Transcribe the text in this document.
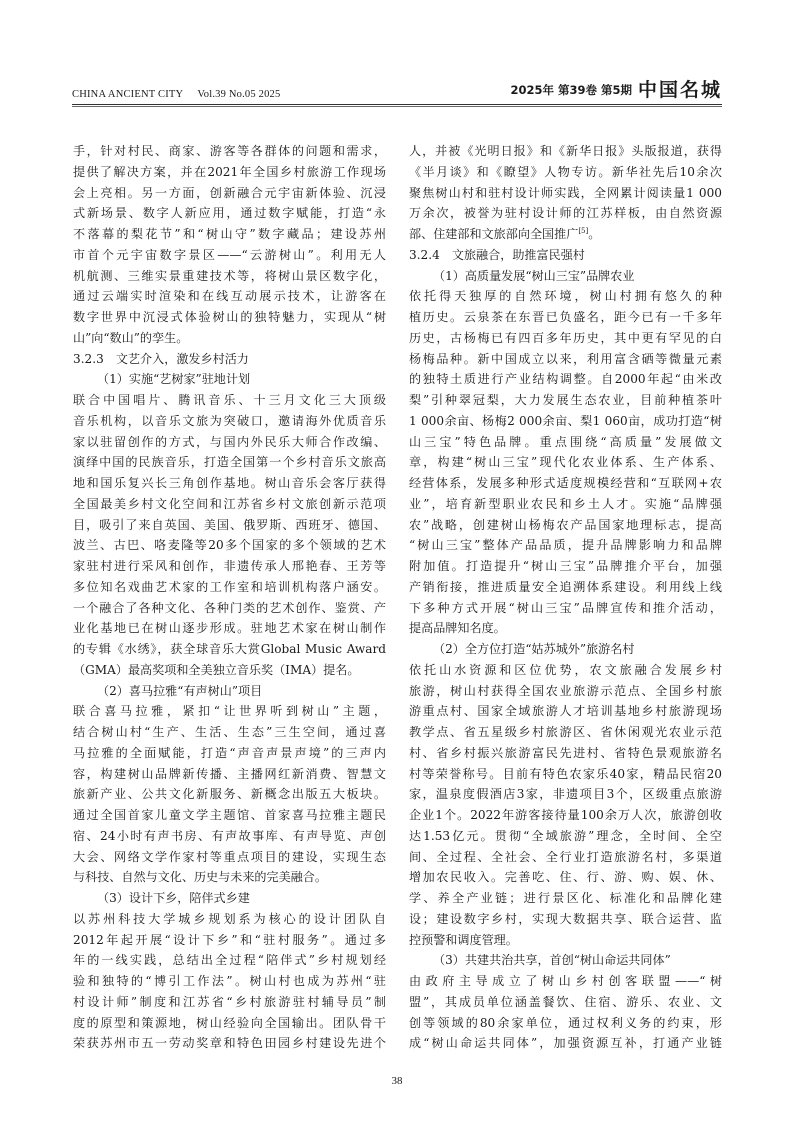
CHINA ANCIENT CITY Vol.39 No.05 2025	2025年 第39卷 第5期 中国名城
手，针对村民、商家、游客等各群体的问题和需求，
提供了解决方案，并在2021年全国乡村旅游工作现场
会上亮相。另一方面，创新融合元宇宙新体验、沉浸
式新场景、数字人新应用，通过数字赋能，打造“永
不落幕的梨花节”和“树山守”数字藏品；建设苏州
市首个元宇宙数字景区——“云游树山”。利用无人
机航测、三维实景重建技术等，将树山景区数字化，
通过云端实时渲染和在线互动展示技术，让游客在
数字世界中沉浸式体验树山的独特魅力，实现从“树
山”向“数山”的孪生。
3.2.3　文艺介入，激发乡村活力
（1）实施“艺树家”驻地计划
联合中国唱片、腾讯音乐、十三月文化三大顶级
音乐机构，以音乐文旅为突破口，邀请海外优质音乐
家以驻留创作的方式，与国内外民乐大师合作改编、
演绎中国的民族音乐，打造全国第一个乡村音乐文旅高
地和国乐复兴长三角创作基地。树山音乐会客厅获得
全国最美乡村文化空间和江苏省乡村文旅创新示范项
目，吸引了来自英国、美国、俄罗斯、西班牙、德国、
波兰、古巴、咯麦隆等20多个国家的多个领域的艺术
家驻村进行采风和创作，非遗传承人邢艳春、王芳等
多位知名戏曲艺术家的工作室和培训机构落户涵安。
一个融合了各种文化、各种门类的艺术创作、鉴赏、产
业化基地已在树山逐步形成。驻地艺术家在树山制作
的专辑《水绣》，获全球音乐大赏Global Music Award
（GMA）最高奖项和全美独立音乐奖（IMA）提名。
（2）喜马拉雅“有声树山”项目
联合喜马拉雅，紧扣“让世界听到树山”主题，
结合树山村“生产、生活、生态”三生空间，通过喜
马拉雅的全面赋能，打造“声音声景声境”的三声内
容，构建树山品牌新传播、主播网红新消费、智慧文
旅新产业、公共文化新服务、新概念出版五大板块。
通过全国首家儿童文学主题馆、首家喜马拉雅主题民
宿、24小时有声书房、有声故事库、有声导览、声创
大会、网络文学作家村等重点项目的建设，实现生态
与科技、自然与文化、历史与未来的完美融合。
（3）设计下乡，陪伴式乡建
以苏州科技大学城乡规划系为核心的设计团队自
2012年起开展“设计下乡”和“驻村服务”。通过多
年的一线实践，总结出全过程“陪伴式”乡村规划经
验和独特的“博引工作法”。树山村也成为苏州“驻
村设计师”制度和江苏省“乡村旅游驻村辅导员”制
度的原型和策源地，树山经验向全国输出。团队骨干
荣获苏州市五一劳动奖章和特色田园乡村建设先进个
人，并被《光明日报》和《新华日报》头版报道，获得
《半月谈》和《瞭望》人物专访。新华社先后10余次
聚焦树山村和驻村设计师实践，全网累计阅读量1 000
万余次，被誉为驻村设计师的江苏样板，由自然资源
部、住建部和文旅部向全国推广[5]。
3.2.4　文旅融合，助推富民强村
（1）高质量发展“树山三宝”品牌农业
依托得天独厚的自然环境，树山村拥有悠久的种
植历史。云泉茶在东晋已负盛名，距今已有一千多年
历史，古杨梅已有四百多年历史，其中更有罕见的白
杨梅品种。新中国成立以来，利用富含硒等微量元素
的独特土质进行产业结构调整。自2000年起“由米改
梨”引种翠冠梨，大力发展生态农业，目前种植茶叶
1 000余亩、杨梅2 000余亩、梨1 060亩，成功打造“树
山三宝”特色品牌。重点围绕“高质量”发展做文
章，构建“树山三宝”现代化农业体系、生产体系、
经营体系，发展多种形式适度规模经营和“互联网+农
业”，培育新型职业农民和乡土人才。实施“品牌强
农”战略，创建树山杨梅农产品国家地理标志，提高
“树山三宝”整体产品品质，提升品牌影响力和品牌
附加值。打造提升“树山三宝”品牌推介平台，加强
产销衔接，推进质量安全追溯体系建设。利用线上线
下多种方式开展“树山三宝”品牌宣传和推介活动，
提高品牌知名度。
（2）全方位打造“姑苏城外”旅游名村
依托山水资源和区位优势，农文旅融合发展乡村
旅游，树山村获得全国农业旅游示范点、全国乡村旅
游重点村、国家全域旅游人才培训基地乡村旅游现场
教学点、省五星级乡村旅游区、省休闲观光农业示范
村、省乡村振兴旅游富民先进村、省特色景观旅游名
村等荣誉称号。目前有特色农家乐40家，精品民宿20
家，温泉度假酒店3家，非遗项目3个，区级重点旅游
企业1个。2022年游客接待量100余万人次，旅游创收
达1.53亿元。贯彻“全域旅游”理念，全时间、全空
间、全过程、全社会、全行业打造旅游名村，多渠道
增加农民收入。完善吃、住、行、游、购、娱、休、
学、养全产业链；进行景区化、标准化和品牌化建
设；建设数字乡村，实现大数据共享、联合运营、监
控预警和调度管理。
（3）共建共治共享，首创“树山命运共同体”
由政府主导成立了树山乡村创客联盟——“树
盟”，其成员单位涵盖餐饮、住宿、游乐、农业、文
创等领域的80余家单位，通过权利义务的约束，形
成“树山命运共同体”，加强资源互补，打通产业链
38
